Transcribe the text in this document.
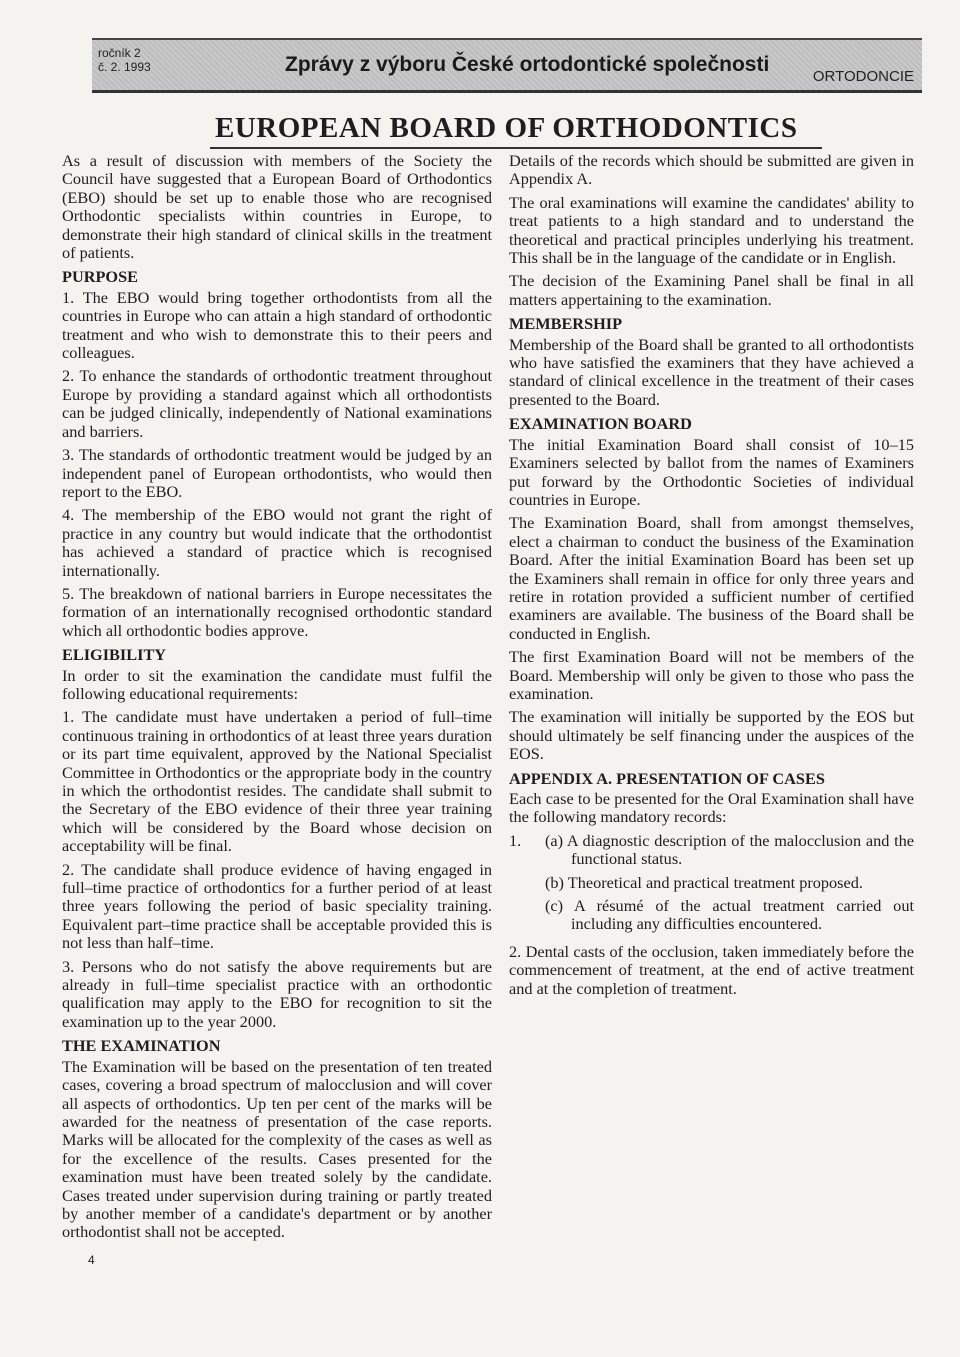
ročník 2
č. 2. 1993	Zprávy z výboru České ortodontické společnosti
ORTODONCIE
EUROPEAN BOARD OF ORTHODONTICS

As a result of discussion with members of the Society the Council have suggested that a European Board of Orthodontics (EBO) should be set up to enable those who are recognised Orthodontic specialists within countries in Europe, to demonstrate their high standard of clinical skills in the treatment of patients.

PURPOSE

1. The EBO would bring together orthodontists from all the countries in Europe who can attain a high standard of orthodontic treatment and who wish to demonstrate this to their peers and colleagues.

2. To enhance the standards of orthodontic treatment throughout Europe by providing a standard against which all orthodontists can be judged clinically, independently of National examinations and barriers.

3. The standards of orthodontic treatment would be judged by an independent panel of European orthodontists, who would then report to the EBO.

4. The membership of the EBO would not grant the right of practice in any country but would indicate that the orthodontist has achieved a standard of practice which is recognised internationally.

5. The breakdown of national barriers in Europe necessitates the formation of an internationally recognised orthodontic standard which all orthodontic bodies approve.

ELIGIBILITY

In order to sit the examination the candidate must fulfil the following educational requirements:

1. The candidate must have undertaken a period of full–time continuous training in orthodontics of at least three years duration or its part time equivalent, approved by the National Specialist Committee in Orthodontics or the appropriate body in the country in which the orthodontist resides. The candidate shall submit to the Secretary of the EBO evidence of their three year training which will be considered by the Board whose decision on acceptability will be final.

2. The candidate shall produce evidence of having engaged in full–time practice of orthodontics for a further period of at least three years following the period of basic speciality training. Equivalent part–time practice shall be acceptable provided this is not less than half–time.

3. Persons who do not satisfy the above requirements but are already in full–time specialist practice with an orthodontic qualification may apply to the EBO for recognition to sit the examination up to the year 2000.

THE EXAMINATION

The Examination will be based on the presentation of ten treated cases, covering a broad spectrum of malocclusion and will cover all aspects of orthodontics. Up ten per cent of the marks will be awarded for the neatness of presentation of the case reports. Marks will be allocated for the complexity of the cases as well as for the excellence of the results. Cases presented for the examination must have been treated solely by the candidate. Cases treated under supervision during training or partly treated by another member of a candidate's department or by another orthodontist shall not be accepted.

Details of the records which should be submitted are given in Appendix A.

The oral examinations will examine the candidates' ability to treat patients to a high standard and to understand the theoretical and practical principles underlying his treatment. This shall be in the language of the candidate or in English.

The decision of the Examining Panel shall be final in all matters appertaining to the examination.

MEMBERSHIP

Membership of the Board shall be granted to all orthodontists who have satisfied the examiners that they have achieved a standard of clinical excellence in the treatment of their cases presented to the Board.

EXAMINATION BOARD

The initial Examination Board shall consist of 10–15 Examiners selected by ballot from the names of Examiners put forward by the Orthodontic Societies of individual countries in Europe.

The Examination Board, shall from amongst themselves, elect a chairman to conduct the business of the Examination Board. After the initial Examination Board has been set up the Examiners shall remain in office for only three years and retire in rotation provided a sufficient number of certified examiners are available. The business of the Board shall be conducted in English.

The first Examination Board will not be members of the Board. Membership will only be given to those who pass the examination.

The examination will initially be supported by the EOS but should ultimately be self financing under the auspices of the EOS.

APPENDIX A. PRESENTATION OF CASES

Each case to be presented for the Oral Examination shall have the following mandatory records:

1.	(a) A diagnostic description of the malocclusion and the functional status.

(b) Theoretical and practical treatment proposed.

(c) A résumé of the actual treatment carried out including any difficulties encountered.

2. Dental casts of the occlusion, taken immediately before the commencement of treatment, at the end of active treatment and at the completion of treatment.

4
